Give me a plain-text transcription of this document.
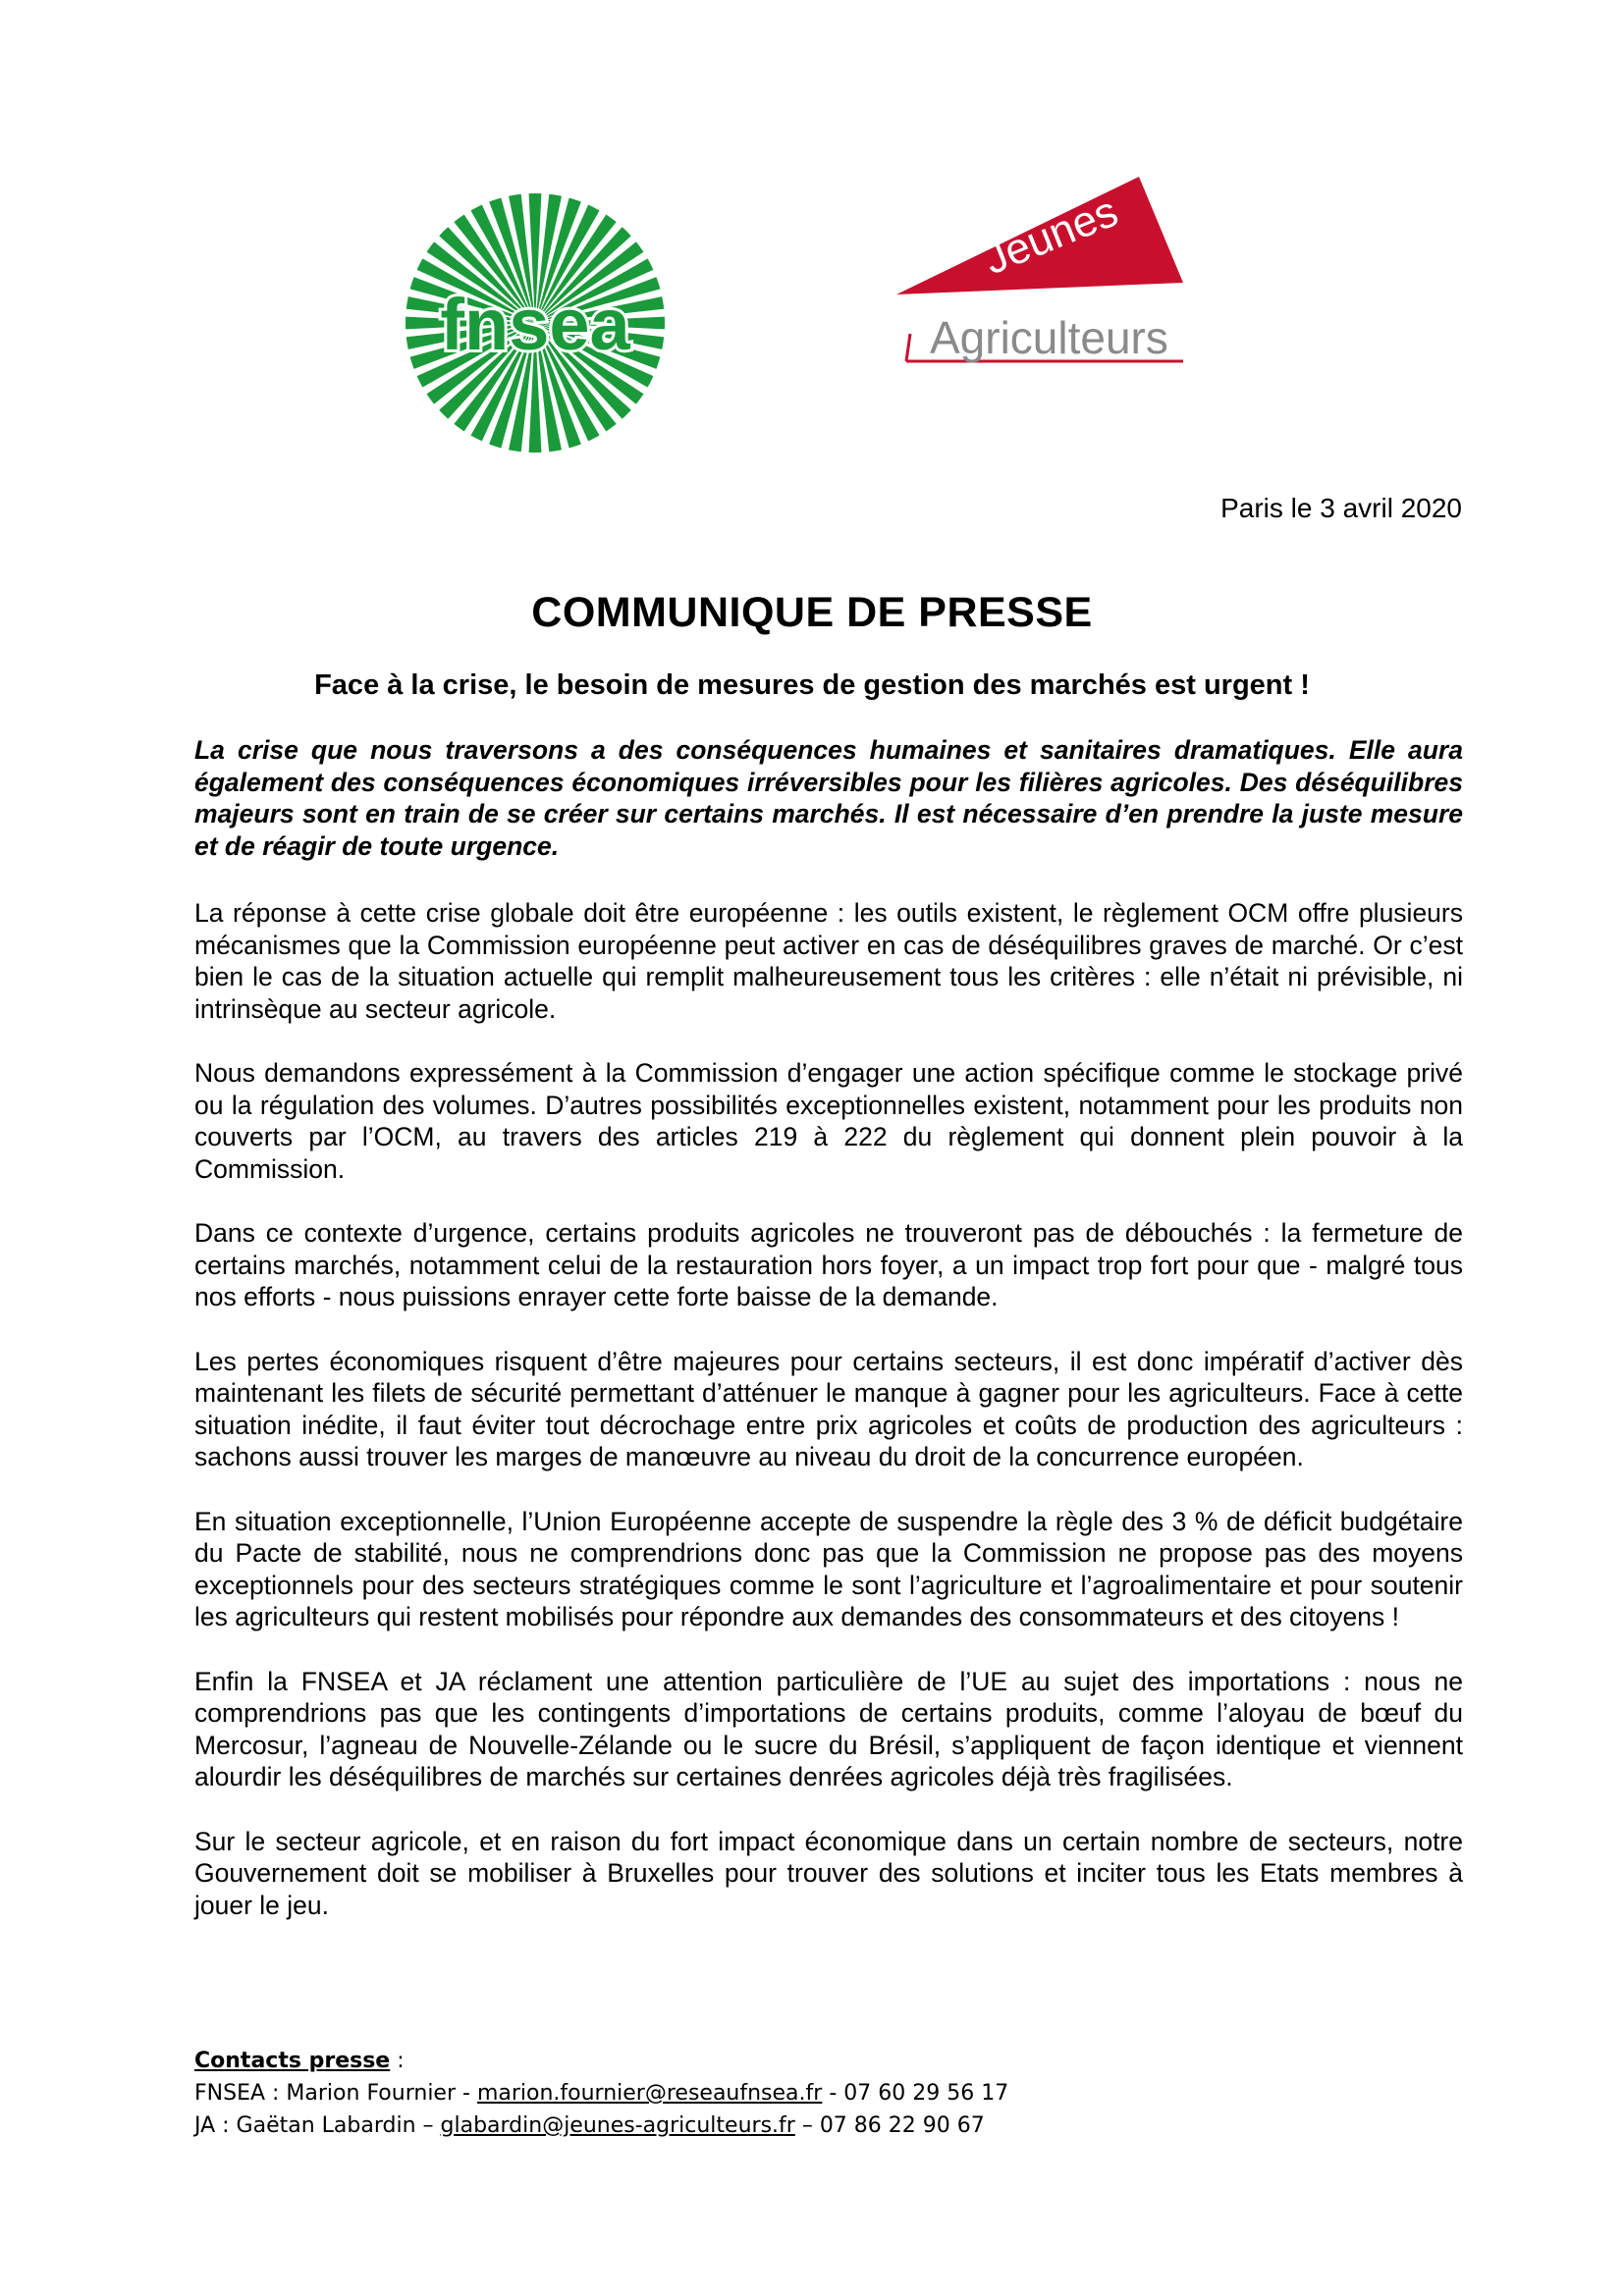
fnsea
Jeunes
Agriculteurs
Paris le 3 avril 2020
COMMUNIQUE DE PRESSE
Face à la crise, le besoin de mesures de gestion des marchés est urgent !

La crise que nous traversons a des conséquences humaines et sanitaires dramatiques. Elle aura également des conséquences économiques irréversibles pour les filières agricoles. Des déséquilibres majeurs sont en train de se créer sur certains marchés. Il est nécessaire d’en prendre la juste mesure et de réagir de toute urgence.

La réponse à cette crise globale doit être européenne : les outils existent, le règlement OCM offre plusieurs mécanismes que la Commission européenne peut activer en cas de déséquilibres graves de marché. Or c’est bien le cas de la situation actuelle qui remplit malheureusement tous les critères : elle n’était ni prévisible, ni intrinsèque au secteur agricole.

Nous demandons expressément à la Commission d’engager une action spécifique comme le stockage privé ou la régulation des volumes. D’autres possibilités exceptionnelles existent, notamment pour les produits non couverts par l’OCM, au travers des articles 219 à 222 du règlement qui donnent plein pouvoir à la Commission.

Dans ce contexte d’urgence, certains produits agricoles ne trouveront pas de débouchés : la fermeture de certains marchés, notamment celui de la restauration hors foyer, a un impact trop fort pour que - malgré tous nos efforts - nous puissions enrayer cette forte baisse de la demande.

Les pertes économiques risquent d’être majeures pour certains secteurs, il est donc impératif d’activer dès maintenant les filets de sécurité permettant d’atténuer le manque à gagner pour les agriculteurs. Face à cette situation inédite, il faut éviter tout décrochage entre prix agricoles et coûts de production des agriculteurs : sachons aussi trouver les marges de manœuvre au niveau du droit de la concurrence européen.

En situation exceptionnelle, l’Union Européenne accepte de suspendre la règle des 3 % de déficit budgétaire du Pacte de stabilité, nous ne comprendrions donc pas que la Commission ne propose pas des moyens exceptionnels pour des secteurs stratégiques comme le sont l’agriculture et l’agroalimentaire et pour soutenir les agriculteurs qui restent mobilisés pour répondre aux demandes des consommateurs et des citoyens !

Enfin la FNSEA et JA réclament une attention particulière de l’UE au sujet des importations : nous ne comprendrions pas que les contingents d’importations de certains produits, comme l’aloyau de bœuf du Mercosur, l’agneau de Nouvelle-Zélande ou le sucre du Brésil, s’appliquent de façon identique et viennent alourdir les déséquilibres de marchés sur certaines denrées agricoles déjà très fragilisées.

Sur le secteur agricole, et en raison du fort impact économique dans un certain nombre de secteurs, notre Gouvernement doit se mobiliser à Bruxelles pour trouver des solutions et inciter tous les Etats membres à jouer le jeu.

Contacts presse :
FNSEA : Marion Fournier - marion.fournier@reseaufnsea.fr - 07 60 29 56 17
JA : Gaëtan Labardin – glabardin@jeunes-agriculteurs.fr – 07 86 22 90 67
